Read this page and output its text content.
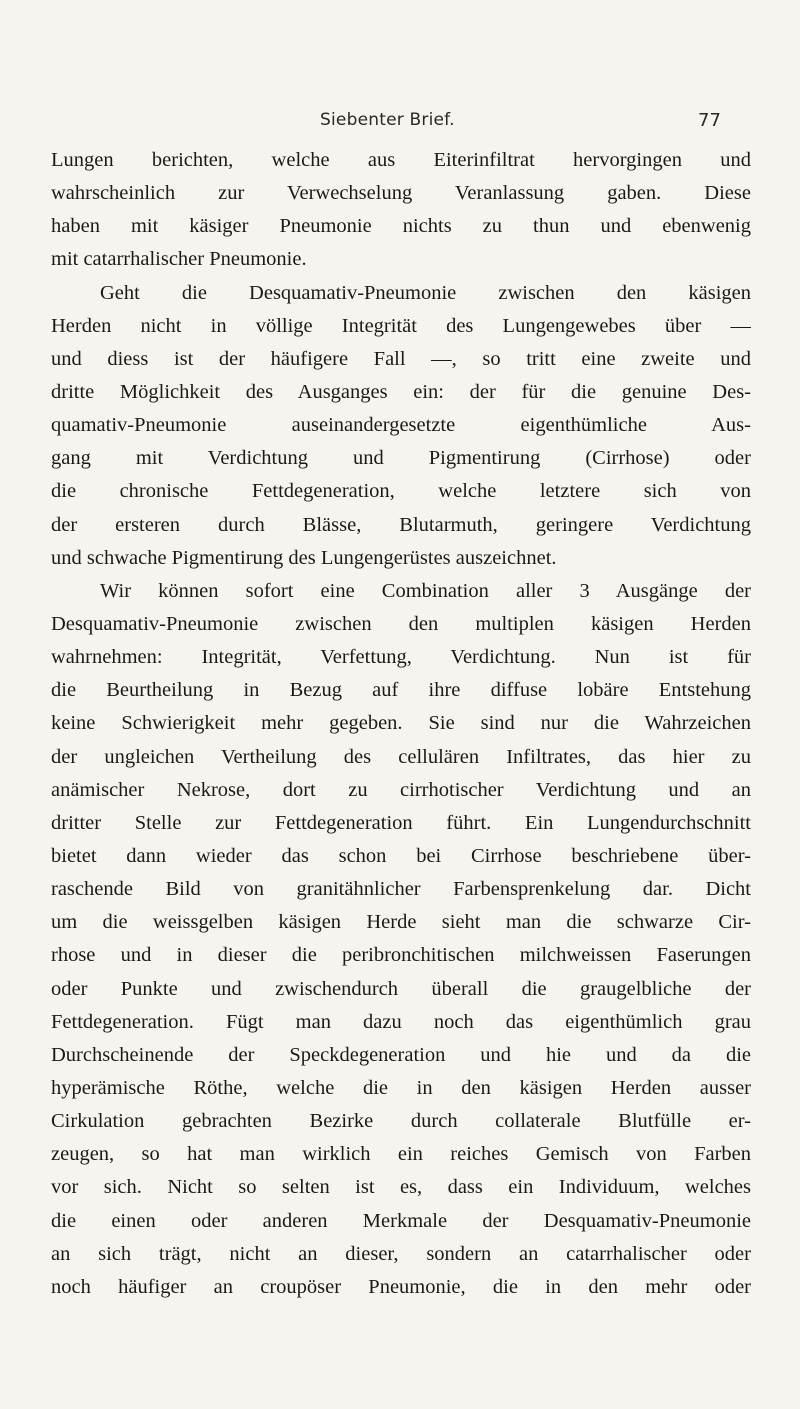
Siebenter Brief.	77
Lungen berichten, welche aus Eiterinfiltrat hervorgingen und
wahrscheinlich zur Verwechselung Veranlassung gaben. Diese
haben mit käsiger Pneumonie nichts zu thun und ebenwenig
mit catarrhalischer Pneumonie.
Geht die Desquamativ-Pneumonie zwischen den käsigen
Herden nicht in völlige Integrität des Lungengewebes über —
und diess ist der häufigere Fall —, so tritt eine zweite und
dritte Möglichkeit des Ausganges ein: der für die genuine Des-
quamativ-Pneumonie auseinandergesetzte eigenthümliche Aus-
gang mit Verdichtung und Pigmentirung (Cirrhose) oder
die chronische Fettdegeneration, welche letztere sich von
der ersteren durch Blässe, Blutarmuth, geringere Verdichtung
und schwache Pigmentirung des Lungengerüstes auszeichnet.
Wir können sofort eine Combination aller 3 Ausgänge der
Desquamativ-Pneumonie zwischen den multiplen käsigen Herden
wahrnehmen: Integrität, Verfettung, Verdichtung. Nun ist für
die Beurtheilung in Bezug auf ihre diffuse lobäre Entstehung
keine Schwierigkeit mehr gegeben. Sie sind nur die Wahrzeichen
der ungleichen Vertheilung des cellulären Infiltrates, das hier zu
anämischer Nekrose, dort zu cirrhotischer Verdichtung und an
dritter Stelle zur Fettdegeneration führt. Ein Lungendurchschnitt
bietet dann wieder das schon bei Cirrhose beschriebene über-
raschende Bild von granitähnlicher Farbensprenkelung dar. Dicht
um die weissgelben käsigen Herde sieht man die schwarze Cir-
rhose und in dieser die peribronchitischen milchweissen Faserungen
oder Punkte und zwischendurch überall die graugelbliche der
Fettdegeneration. Fügt man dazu noch das eigenthümlich grau
Durchscheinende der Speckdegeneration und hie und da die
hyperämische Röthe, welche die in den käsigen Herden ausser
Cirkulation gebrachten Bezirke durch collaterale Blutfülle er-
zeugen, so hat man wirklich ein reiches Gemisch von Farben
vor sich. Nicht so selten ist es, dass ein Individuum, welches
die einen oder anderen Merkmale der Desquamativ-Pneumonie
an sich trägt, nicht an dieser, sondern an catarrhalischer oder
noch häufiger an croupöser Pneumonie, die in den mehr oder
